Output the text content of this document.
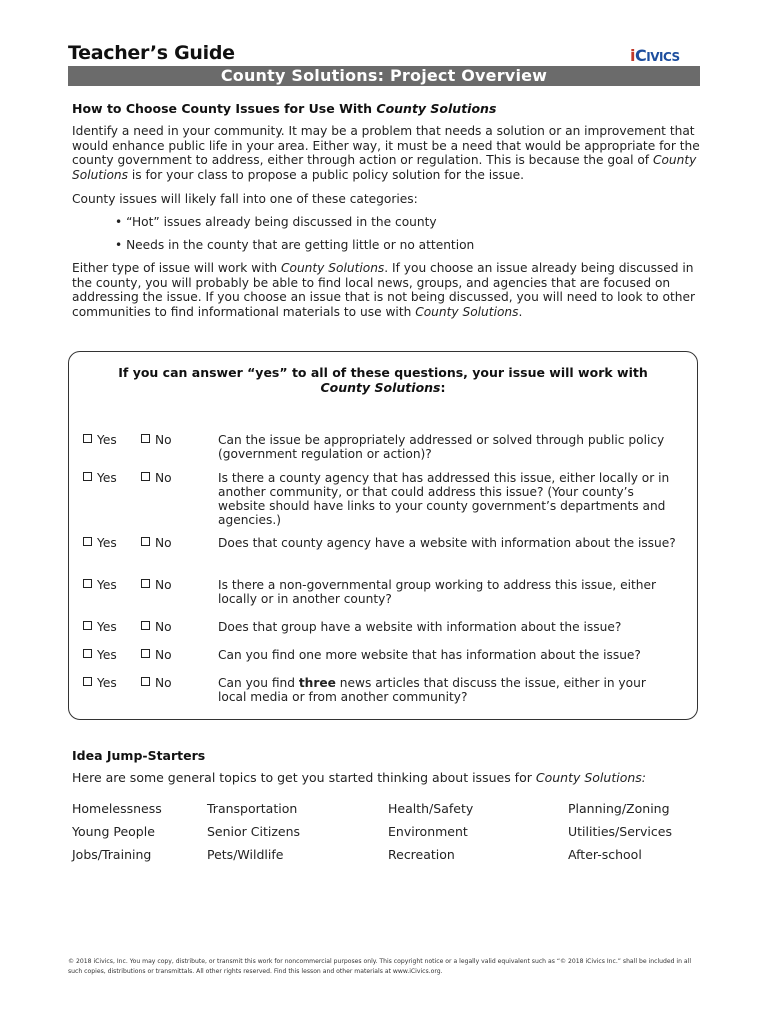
Teacher’s Guide	iCIVICS
County Solutions: Project Overview
How to Choose County Issues for Use With County Solutions
Identify a need in your community. It may be a problem that needs a solution or an improvement that would enhance public life in your area. Either way, it must be a need that would be appropriate for the county government to address, either through action or regulation. This is because the goal of County Solutions is for your class to propose a public policy solution for the issue.
County issues will likely fall into one of these categories:
• “Hot” issues already being discussed in the county
• Needs in the county that are getting little or no attention
Either type of issue will work with County Solutions. If you choose an issue already being discussed in the county, you will probably be able to find local news, groups, and agencies that are focused on addressing the issue. If you choose an issue that is not being discussed, you will need to look to other communities to find informational materials to use with County Solutions.
If you can answer “yes” to all of these questions, your issue will work with
County Solutions:
Yes	No	Can the issue be appropriately addressed or solved through public policy (government regulation or action)?
Yes	No	Is there a county agency that has addressed this issue, either locally or in another community, or that could address this issue? (Your county’s website should have links to your county government’s departments and agencies.)
Yes	No	Does that county agency have a website with information about the issue?
Yes	No	Is there a non-governmental group working to address this issue, either locally or in another county?
Yes	No	Does that group have a website with information about the issue?
Yes	No	Can you find one more website that has information about the issue?
Yes	No	Can you find three news articles that discuss the issue, either in your local media or from another community?
Idea Jump-Starters
Here are some general topics to get you started thinking about issues for County Solutions:
Homelessness	Transportation	Health/Safety	Planning/Zoning
Young People	Senior Citizens	Environment	Utilities/Services
Jobs/Training	Pets/Wildlife	Recreation	After-school
© 2018 iCivics, Inc. You may copy, distribute, or transmit this work for noncommercial purposes only. This copyright notice or a legally valid equivalent such as “© 2018 iCivics Inc.” shall be included in all such copies, distributions or transmittals. All other rights reserved. Find this lesson and other materials at www.iCivics.org.
